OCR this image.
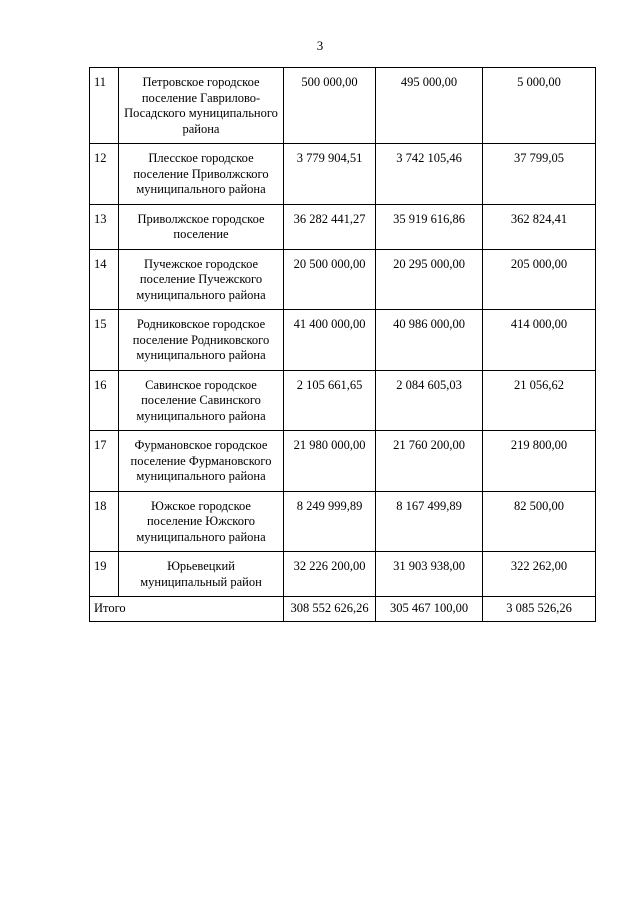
3
11	Петровское городское поселение Гаврилово-Посадского муниципального района	500 000,00	495 000,00	5 000,00
12	Плесское городское поселение Приволжского муниципального района	3 779 904,51	3 742 105,46	37 799,05
13	Приволжское городское поселение	36 282 441,27	35 919 616,86	362 824,41
14	Пучежское городское поселение Пучежского муниципального района	20 500 000,00	20 295 000,00	205 000,00
15	Родниковское городское поселение Родниковского муниципального района	41 400 000,00	40 986 000,00	414 000,00
16	Савинское городское поселение Савинского муниципального района	2 105 661,65	2 084 605,03	21 056,62
17	Фурмановское городское поселение Фурмановского муниципального района	21 980 000,00	21 760 200,00	219 800,00
18	Южское городское поселение Южского муниципального района	8 249 999,89	8 167 499,89	82 500,00
19	Юрьевецкий муниципальный район	32 226 200,00	31 903 938,00	322 262,00
Итого		308 552 626,26	305 467 100,00	3 085 526,26
